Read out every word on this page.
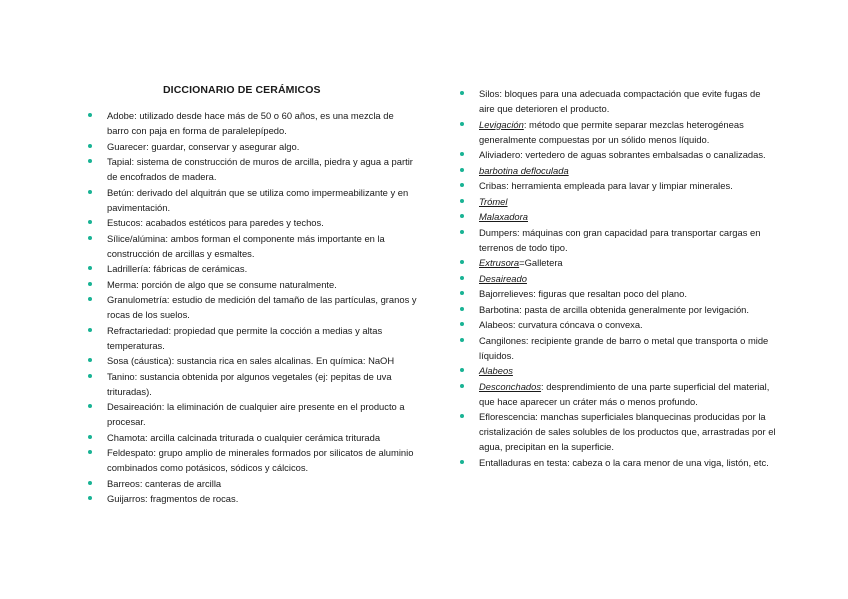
DICCIONARIO DE CERÁMICOS
Adobe: utilizado desde hace más de 50 o 60 años, es una mezcla de barro con paja en forma de paralelepípedo.
Guarecer: guardar, conservar y asegurar algo.
Tapial: sistema de construcción de muros de arcilla, piedra y agua a partir de encofrados de madera.
Betún: derivado del alquitrán que se utiliza como impermeabilizante y en pavimentación.
Estucos: acabados estéticos para paredes y techos.
Sílice/alúmina: ambos forman el componente más importante en la construcción de arcillas y esmaltes.
Ladrillería: fábricas de cerámicas.
Merma: porción de algo que se consume naturalmente.
Granulometría: estudio de medición del tamaño de las partículas, granos y rocas de los suelos.
Refractariedad: propiedad que permite la cocción a medias y altas temperaturas.
Sosa (cáustica): sustancia rica en sales alcalinas. En química: NaOH
Tanino: sustancia obtenida por algunos vegetales (ej: pepitas de uva trituradas).
Desaireación: la eliminación de cualquier aire presente en el producto a procesar.
Chamota: arcilla calcinada triturada o cualquier cerámica triturada
Feldespato: grupo amplio de minerales formados por silicatos de aluminio combinados como potásicos, sódicos y cálcicos.
Barreos: canteras de arcilla
Guijarros: fragmentos de rocas.
Silos: bloques para una adecuada compactación que evite fugas de aire que deterioren el producto.
Levigación: método que permite separar mezclas heterogéneas generalmente compuestas por un sólido menos líquido.
Aliviadero: vertedero de aguas sobrantes embalsadas o canalizadas.
barbotina defloculada
Cribas: herramienta empleada para lavar y limpiar minerales.
Trómel
Malaxadora
Dumpers: máquinas con gran capacidad para transportar cargas en terrenos de todo tipo.
Extrusora=Galletera
Desaireado
Bajorrelieves: figuras que resaltan poco del plano.
Barbotina: pasta de arcilla obtenida generalmente por levigación.
Alabeos: curvatura cóncava o convexa.
Cangilones: recipiente grande de barro o metal que transporta o mide líquidos.
Alabeos
Desconchados: desprendimiento de una parte superficial del material, que hace aparecer un cráter más o menos profundo.
Eflorescencia: manchas superficiales blanquecinas producidas por la cristalización de sales solubles de los productos que, arrastradas por el agua, precipitan en la superficie.
Entalladuras en testa: cabeza o la cara menor de una viga, listón, etc.
